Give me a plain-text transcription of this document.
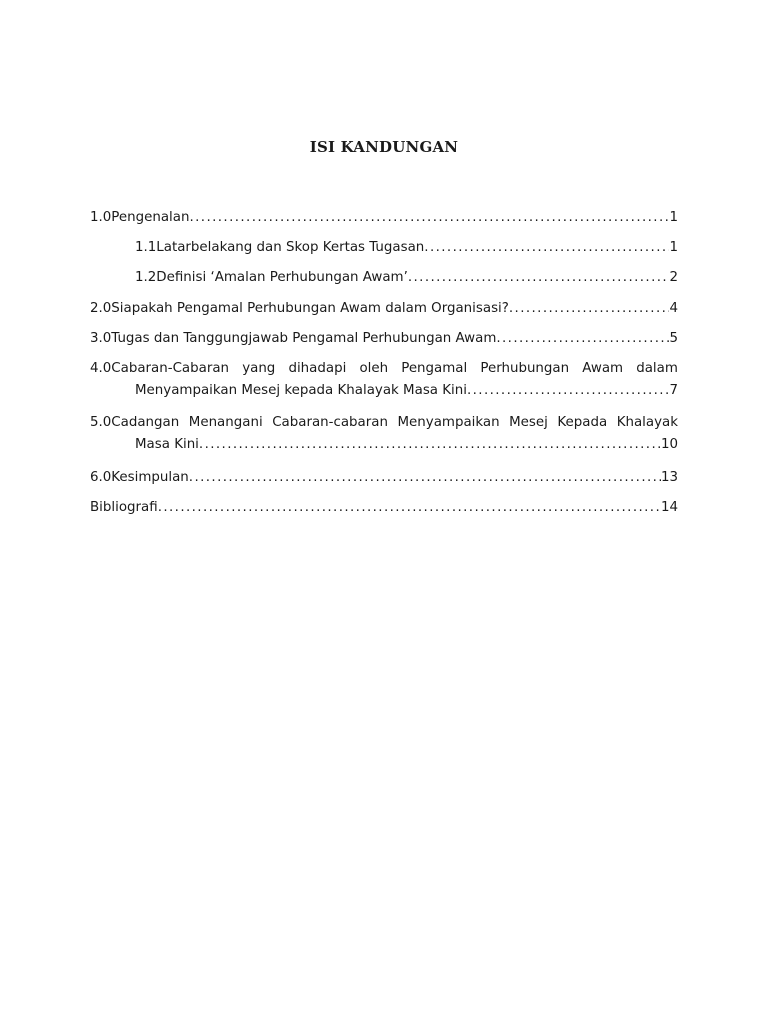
ISI KANDUNGAN
1.0Pengenalan .....	1
1.1Latarbelakang dan Skop Kertas Tugasan .....	1
1.2Definisi ‘Amalan Perhubungan Awam’ .....	2
2.0Siapakah Pengamal Perhubungan Awam dalam Organisasi? .....	4
3.0Tugas dan Tanggungjawab Pengamal Perhubungan Awam .....	5
4.0Cabaran-Cabaran yang dihadapi oleh Pengamal Perhubungan Awam dalam
Menyampaikan Mesej kepada Khalayak Masa Kini .....	7
5.0Cadangan Menangani Cabaran-cabaran Menyampaikan Mesej Kepada Khalayak
Masa Kini .....	10
6.0Kesimpulan .....	13
Bibliografi .....	14
